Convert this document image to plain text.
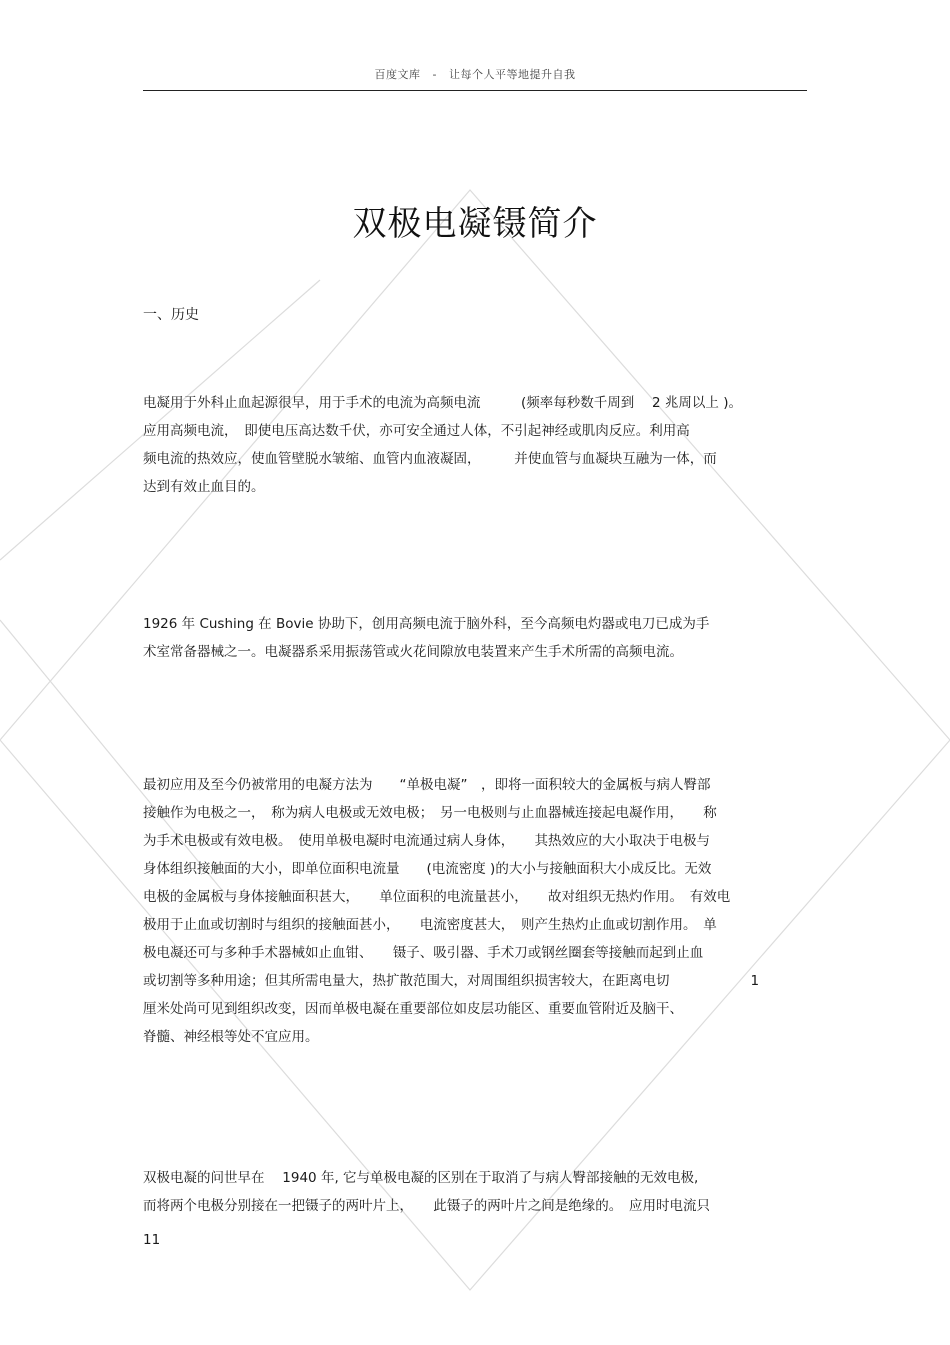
百度文库 - 让每个人平等地提升自我
双极电凝镊简介
一、历史
电凝用于外科止血起源很早，用于手术的电流为高频电流　　　(频率每秒数千周到　 2 兆周以上 )。
应用高频电流，　即使电压高达数千伏，亦可安全通过人体，不引起神经或肌肉反应。利用高
频电流的热效应，使血管壁脱水皱缩、血管内血液凝固，　　　并使血管与血凝块互融为一体，而
达到有效止血目的。
1926 年 Cushing 在 Bovie 协助下，创用高频电流于脑外科，至今高频电灼器或电刀已成为手
术室常备器械之一。电凝器系采用振荡管或火花间隙放电装置来产生手术所需的高频电流。
最初应用及至今仍被常用的电凝方法为　　“单极电凝”　，即将一面积较大的金属板与病人臀部
接触作为电极之一，　称为病人电极或无效电极；　另一电极则与止血器械连接起电凝作用，　　称
为手术电极或有效电极。　使用单极电凝时电流通过病人身体，　　其热效应的大小取决于电极与
身体组织接触面的大小，即单位面积电流量　　(电流密度 )的大小与接触面积大小成反比。无效
电极的金属板与身体接触面积甚大，　　单位面积的电流量甚小，　　故对组织无热灼作用。　有效电
极用于止血或切割时与组织的接触面甚小，　　电流密度甚大，　则产生热灼止血或切割作用。　单
极电凝还可与多种手术器械如止血钳、　　镊子、吸引器、手术刀或钢丝圈套等接触而起到止血
或切割等多种用途；但其所需电量大，热扩散范围大，对周围组织损害较大，在距离电切　　　　　　1
厘米处尚可见到组织改变，因而单极电凝在重要部位如皮层功能区、重要血管附近及脑干、
脊髓、神经根等处不宜应用。
双极电凝的问世早在　 1940 年, 它与单极电凝的区别在于取消了与病人臀部接触的无效电极,
而将两个电极分别接在一把镊子的两叶片上，　　此镊子的两叶片之间是绝缘的。　应用时电流只
11
